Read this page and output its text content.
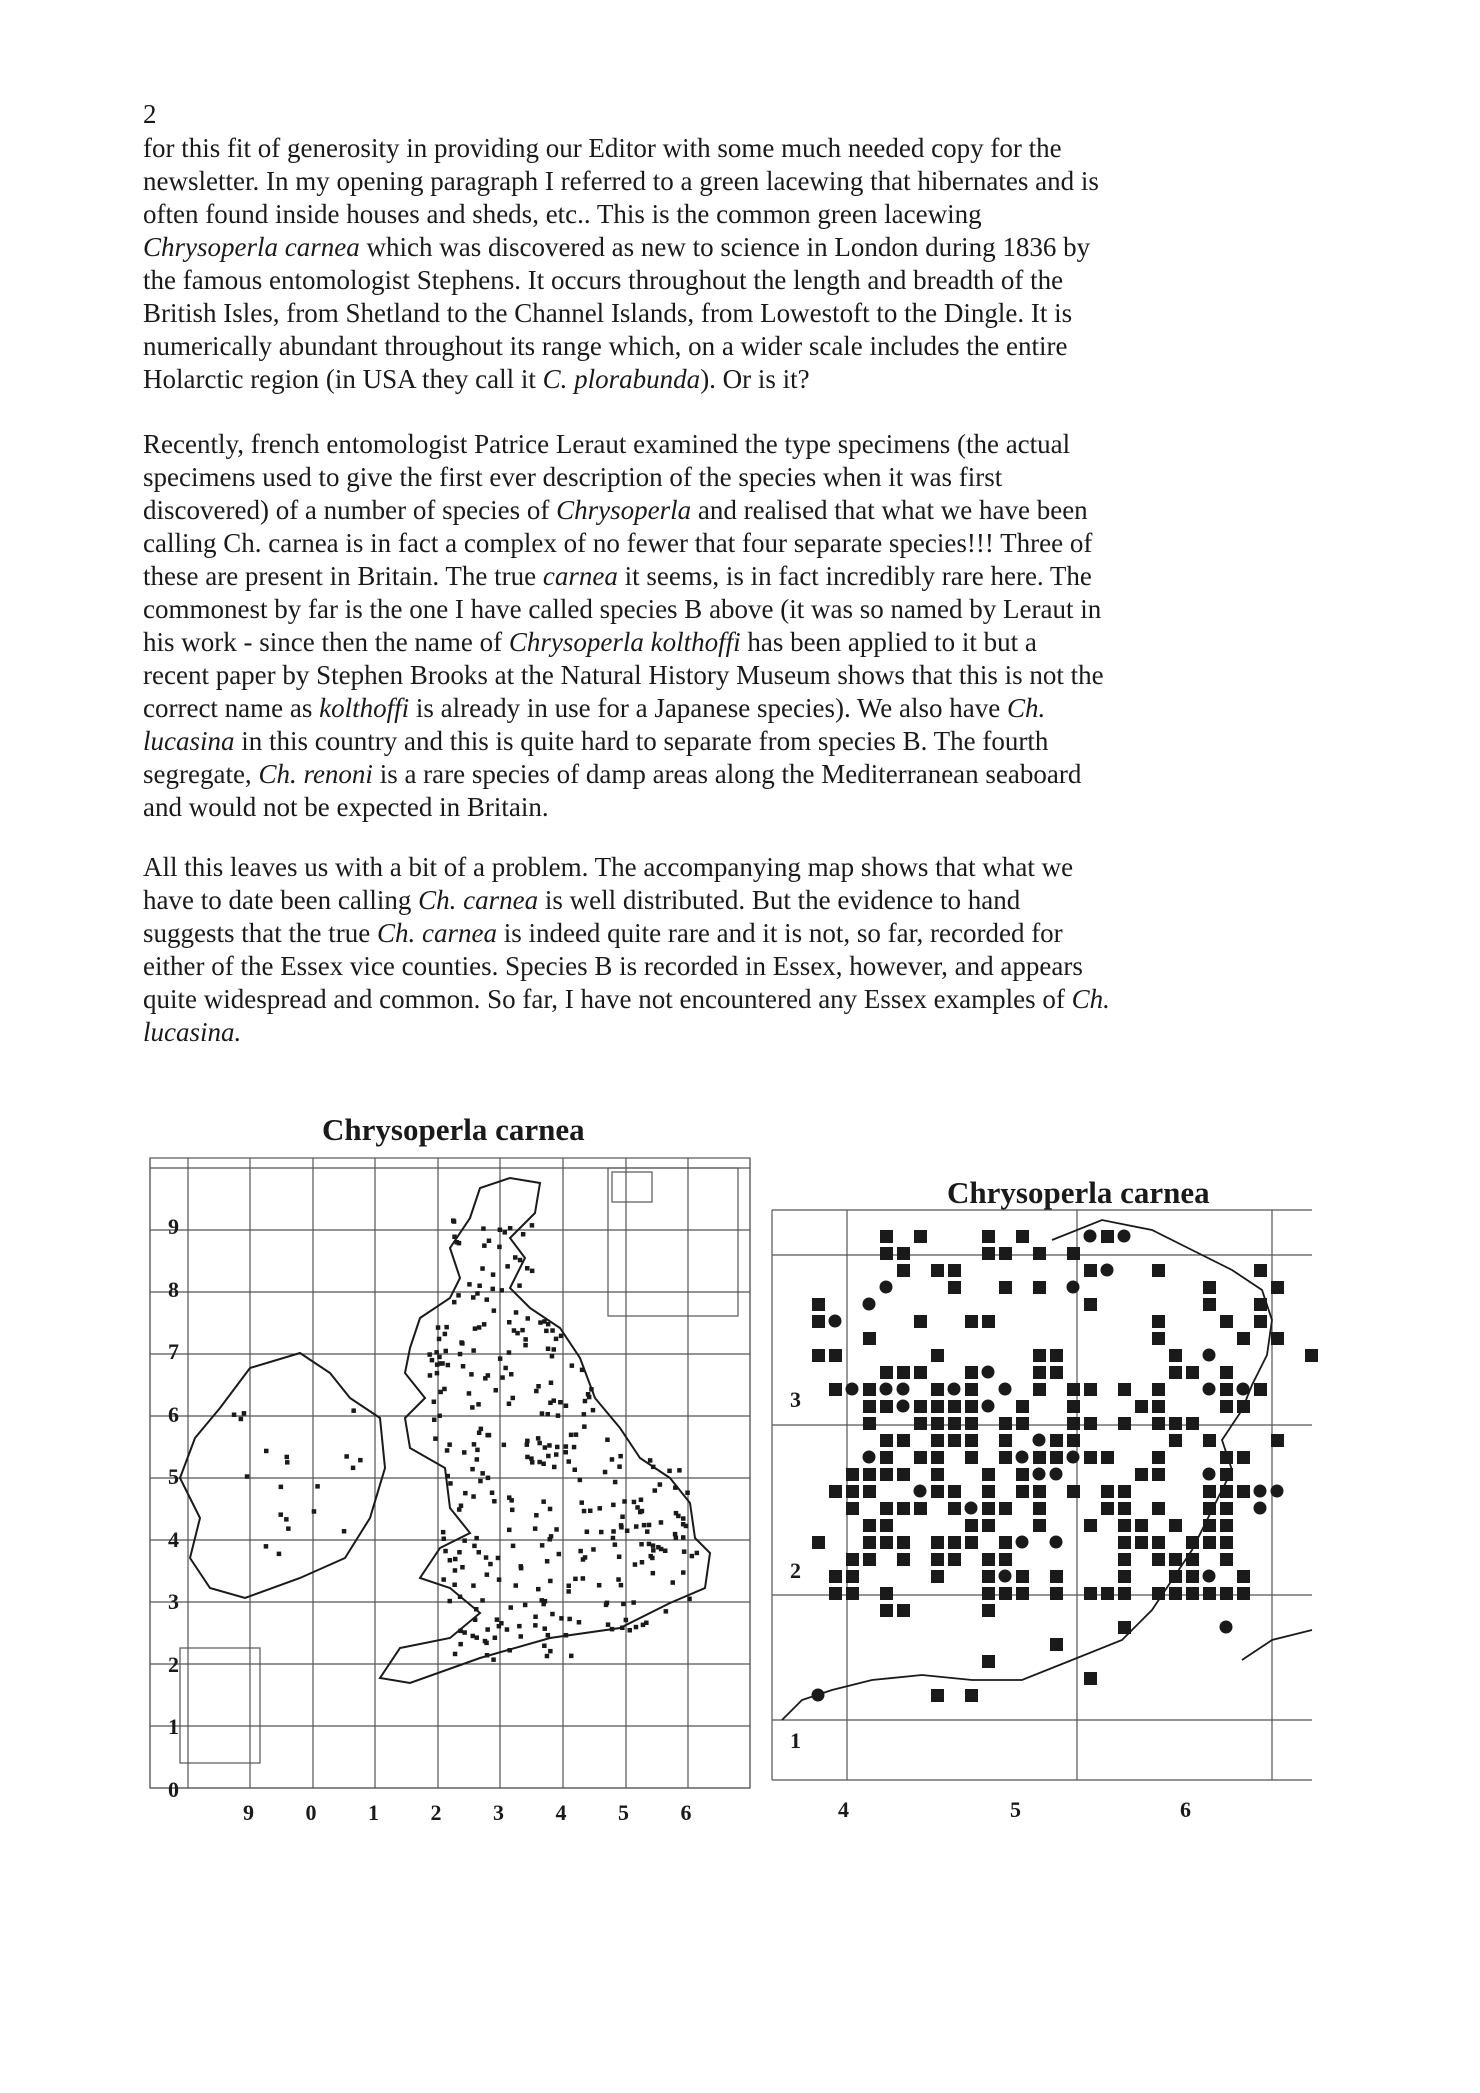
2
for this fit of generosity in providing our Editor with some much needed copy for the
newsletter. In my opening paragraph I referred to a green lacewing that hibernates and is
often found inside houses and sheds, etc.. This is the common green lacewing
Chrysoperla carnea which was discovered as new to science in London during 1836 by
the famous entomologist Stephens. It occurs throughout the length and breadth of the
British Isles, from Shetland to the Channel Islands, from Lowestoft to the Dingle. It is
numerically abundant throughout its range which, on a wider scale includes the entire
Holarctic region (in USA they call it C. plorabunda). Or is it?
Recently, french entomologist Patrice Leraut examined the type specimens (the actual
specimens used to give the first ever description of the species when it was first
discovered) of a number of species of Chrysoperla and realised that what we have been
calling Ch. carnea is in fact a complex of no fewer that four separate species!!! Three of
these are present in Britain. The true carnea it seems, is in fact incredibly rare here. The
commonest by far is the one I have called species B above (it was so named by Leraut in
his work - since then the name of Chrysoperla kolthoffi has been applied to it but a
recent paper by Stephen Brooks at the Natural History Museum shows that this is not the
correct name as kolthoffi is already in use for a Japanese species). We also have Ch.
lucasina in this country and this is quite hard to separate from species B. The fourth
segregate, Ch. renoni is a rare species of damp areas along the Mediterranean seaboard
and would not be expected in Britain.
All this leaves us with a bit of a problem. The accompanying map shows that what we
have to date been calling Ch. carnea is well distributed. But the evidence to hand
suggests that the true Ch. carnea is indeed quite rare and it is not, so far, recorded for
either of the Essex vice counties. Species B is recorded in Essex, however, and appears
quite widespread and common. So far, I have not encountered any Essex examples of Ch.
lucasina.
Chrysoperla carnea
9
8
7
6
5
4
3
2
1
0
9 0 1 2 3 4 5 6
Chrysoperla carnea
3
2
1
4	5	6
